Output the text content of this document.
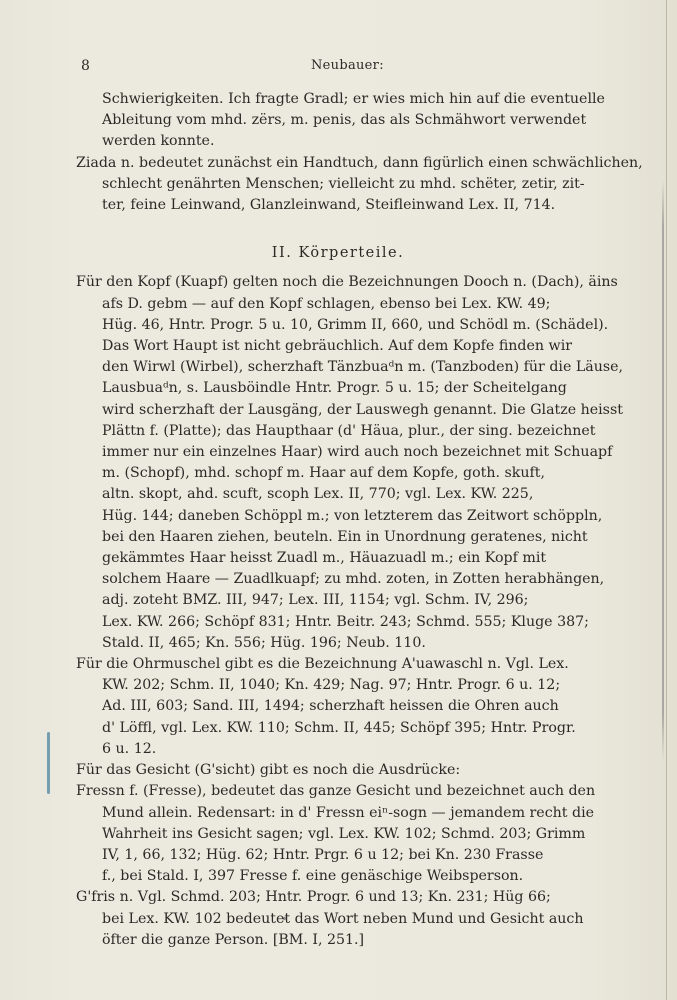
8	Neubauer:

Schwierigkeiten. Ich fragte Gradl; er wies mich hin auf die eventuelle
Ableitung vom mhd. zërs, m. penis, das als Schmähwort verwendet
werden konnte.

Ziada n. bedeutet zunächst ein Handtuch, dann figürlich einen schwächlichen,
schlecht genährten Menschen; vielleicht zu mhd. schëter, zetir, zit-
ter, feine Leinwand, Glanzleinwand, Steifleinwand Lex. II, 714.

II. Körperteile.

Für den Kopf (Kuapf) gelten noch die Bezeichnungen Dooch n. (Dach), äins
afs D. gebm — auf den Kopf schlagen, ebenso bei Lex. KW. 49;
Hüg. 46, Hntr. Progr. 5 u. 10, Grimm II, 660, und Schödl m. (Schädel).
Das Wort Haupt ist nicht gebräuchlich. Auf dem Kopfe finden wir
den Wirwl (Wirbel), scherzhaft Tänzbuaᵈn m. (Tanzboden) für die Läuse,
Lausbuaᵈn, s. Lausböindle Hntr. Progr. 5 u. 15; der Scheitelgang
wird scherzhaft der Lausgäng, der Lauswegh genannt. Die Glatze heisst
Plättn f. (Platte); das Haupthaar (d' Häua, plur., der sing. bezeichnet
immer nur ein einzelnes Haar) wird auch noch bezeichnet mit Schuapf
m. (Schopf), mhd. schopf m. Haar auf dem Kopfe, goth. skuft,
altn. skopt, ahd. scuft, scoph Lex. II, 770; vgl. Lex. KW. 225,
Hüg. 144; daneben Schöppl m.; von letzterem das Zeitwort schöppln,
bei den Haaren ziehen, beuteln. Ein in Unordnung geratenes, nicht
gekämmtes Haar heisst Zuadl m., Häuazuadl m.; ein Kopf mit
solchem Haare — Zuadlkuapf; zu mhd. zoten, in Zotten herabhängen,
adj. zoteht BMZ. III, 947; Lex. III, 1154; vgl. Schm. IV, 296;
Lex. KW. 266; Schöpf 831; Hntr. Beitr. 243; Schmd. 555; Kluge 387;
Stald. II, 465; Kn. 556; Hüg. 196; Neub. 110.

Für die Ohrmuschel gibt es die Bezeichnung A'uawaschl n. Vgl. Lex.
KW. 202; Schm. II, 1040; Kn. 429; Nag. 97; Hntr. Progr. 6 u. 12;
Ad. III, 603; Sand. III, 1494; scherzhaft heissen die Ohren auch
d' Löffl, vgl. Lex. KW. 110; Schm. II, 445; Schöpf 395; Hntr. Progr.
6 u. 12.

Für das Gesicht (G'sicht) gibt es noch die Ausdrücke:

Fressn f. (Fresse), bedeutet das ganze Gesicht und bezeichnet auch den
Mund allein. Redensart: in d' Fressn eiⁿ-sogn — jemandem recht die
Wahrheit ins Gesicht sagen; vgl. Lex. KW. 102; Schmd. 203; Grimm
IV, 1, 66, 132; Hüg. 62; Hntr. Prgr. 6 u 12; bei Kn. 230 Frasse
f., bei Stald. I, 397 Fresse f. eine genäschige Weibsperson.

G'fris n. Vgl. Schmd. 203; Hntr. Progr. 6 und 13; Kn. 231; Hüg 66;
bei Lex. KW. 102 bedeutet das Wort neben Mund und Gesicht auch
öfter die ganze Person. [BM. I, 251.]
